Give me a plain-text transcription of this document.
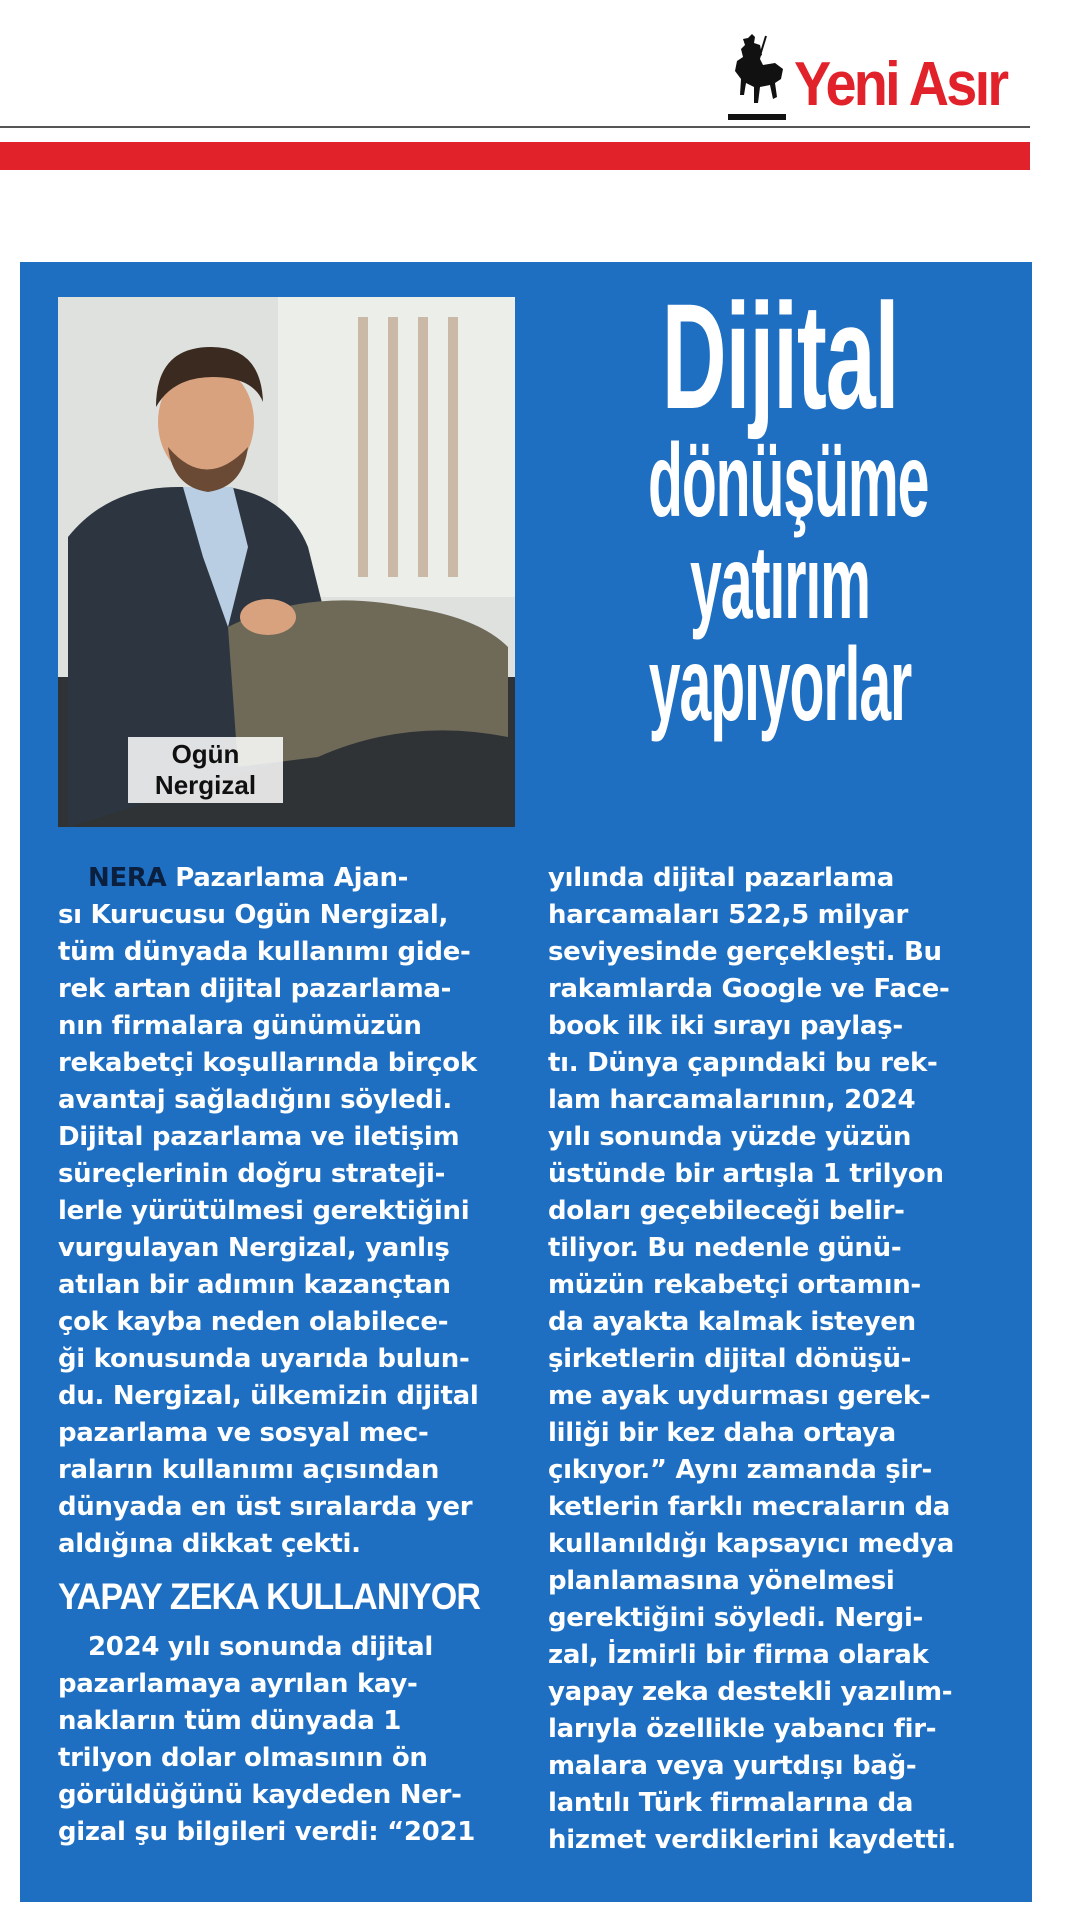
Yeni Asır
Ogün
Nergizal
Dijital
dönüşüme
yatırım
yapıyorlar

NERA Pazarlama Ajan-
sı Kurucusu Ogün Nergizal,
tüm dünyada kullanımı gide-
rek artan dijital pazarlama-
nın firmalara günümüzün
rekabetçi koşullarında birçok
avantaj sağladığını söyledi.
Dijital pazarlama ve iletişim
süreçlerinin doğru strateji-
lerle yürütülmesi gerektiğini
vurgulayan Nergizal, yanlış
atılan bir adımın kazançtan
çok kayba neden olabilece-
ği konusunda uyarıda bulun-
du. Nergizal, ülkemizin dijital
pazarlama ve sosyal mec-
raların kullanımı açısından
dünyada en üst sıralarda yer
aldığına dikkat çekti.

YAPAY ZEKA KULLANIYOR

2024 yılı sonunda dijital
pazarlamaya ayrılan kay-
nakların tüm dünyada 1
trilyon dolar olmasının ön
görüldüğünü kaydeden Ner-
gizal şu bilgileri verdi: “2021

yılında dijital pazarlama
harcamaları 522,5 milyar
seviyesinde gerçekleşti. Bu
rakamlarda Google ve Face-
book ilk iki sırayı paylaş-
tı. Dünya çapındaki bu rek-
lam harcamalarının, 2024
yılı sonunda yüzde yüzün
üstünde bir artışla 1 trilyon
doları geçebileceği belir-
tiliyor. Bu nedenle günü-
müzün rekabetçi ortamın-
da ayakta kalmak isteyen
şirketlerin dijital dönüşü-
me ayak uydurması gerek-
liliği bir kez daha ortaya
çıkıyor.” Aynı zamanda şir-
ketlerin farklı mecraların da
kullanıldığı kapsayıcı medya
planlamasına yönelmesi
gerektiğini söyledi. Nergi-
zal, İzmirli bir firma olarak
yapay zeka destekli yazılım-
larıyla özellikle yabancı fir-
malara veya yurtdışı bağ-
lantılı Türk firmalarına da
hizmet verdiklerini kaydetti.
